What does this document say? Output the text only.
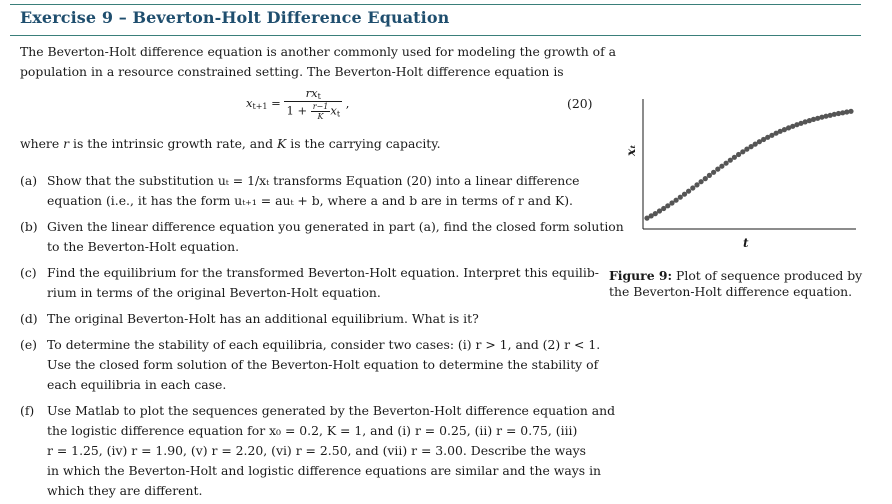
Exercise 9 – Beverton-Holt Difference Equation
The Beverton-Holt difference equation is another commonly used for modeling the growth of a
population in a resource constrained setting. The Beverton-Holt difference equation is
$x_{t+1} = \frac{rx_t}{1 + \frac{r-1}{K} x_t}$ ,	(20)
where r is the intrinsic growth rate, and K is the carrying capacity.
(a) Show that the substitution uₜ = 1/xₜ transforms Equation (20) into a linear difference
equation (i.e., it has the form uₜ₊₁ = auₜ + b, where a and b are in terms of r and K).
(b) Given the linear difference equation you generated in part (a), find the closed form solution
to the Beverton-Holt equation.
(c) Find the equilibrium for the transformed Beverton-Holt equation. Interpret this equilib-
rium in terms of the original Beverton-Holt equation.
(d) The original Beverton-Holt has an additional equilibrium. What is it?
(e) To determine the stability of each equilibria, consider two cases: (i) r > 1, and (2) r < 1.
Use the closed form solution of the Beverton-Holt equation to determine the stability of
each equilibria in each case.
(f) Use Matlab to plot the sequences generated by the Beverton-Holt difference equation and
the logistic difference equation for x₀ = 0.2, K = 1, and (i) r = 0.25, (ii) r = 0.75, (iii)
r = 1.25, (iv) r = 1.90, (v) r = 2.20, (vi) r = 2.50, and (vii) r = 3.00. Describe the ways
in which the Beverton-Holt and logistic difference equations are similar and the ways in
which they are different.
xₜ
t
Figure 9: Plot of sequence produced by the Beverton-Holt difference equation.
